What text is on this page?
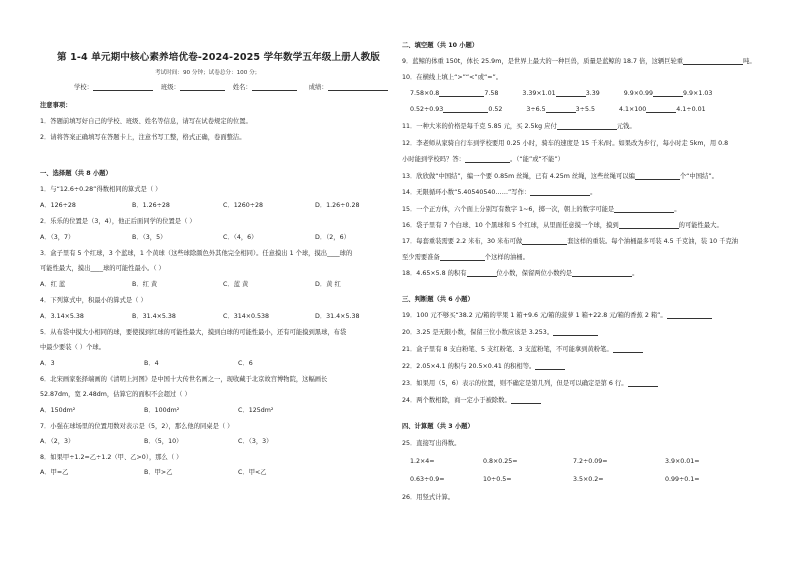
第 1-4 单元期中核心素养培优卷-2024-2025 学年数学五年级上册人教版
考试时间：90 分钟；试卷总分：100 分；
学校：	班级：	姓名：	成绩：
注意事项：
1．答题前填写好自己的学校、班级、姓名等信息，请写在试卷规定的位置。
2．请将答案正确填写在答题卡上，注意书写工整，格式正确，卷面整洁。
一、选择题（共 8 小题）
1．与“12.6÷0.28”得数相同的算式是（ ）
A．126÷28	B．1.26÷28	C．1260÷28	D．1.26÷0.28
2．乐乐的位置是（3，4），他正后面同学的位置是（ ）
A．（3，7）	B．（3，5）	C．（4，6）	D．（2，6）
3．盒子里有 5 个红球，3 个蓝球，1 个黄球（这些球除颜色外其他完全相同）。任意摸出 1 个球，摸出____球的
可能性最大，摸出____球的可能性最小。（ ）
A．红 蓝	B．红 黄	C．蓝 黄	D．黄 红
4．下列算式中，积最小的算式是（ ）
A．3.14×5.38	B．31.4×5.38	C．314×0.538	D．31.4×5.38
5．从布袋中摸大小相同的球，要使摸到红球的可能性最大，摸到白球的可能性最小，还有可能摸到黑球，布袋
中最少要装（ ）个球。
A．3	B．4	C．6
6．北宋画家张择端画的《清明上河图》是中国十大传世名画之一，现收藏于北京故宫博物院，这幅画长
52.87dm，宽 2.48dm，估算它的面积不会超过（ ）
A．150dm²	B．100dm²	C．125dm²
7．小强在球场里的位置用数对表示是（5，2），那么他的同桌是（ ）
A．（2，3）	B．（5，10）	C．（3，3）
8．如果甲÷1.2=乙÷1.2（甲、乙>0），那么（ ）
A．甲=乙	B．甲>乙	C．甲<乙
二、填空题（共 10 小题）
9．蓝鲸的体重 150t，体长 25.9m，是世界上最大的一种巨兽，质量是蓝鲸的 18.7 倍，这辆巨轮重	吨。
10．在横线上填上“>”“<”或“=”。
7.58×0.8	7.58	3.39×1.01	3.39	9.9×0.99	9.9×1.03
0.52÷0.93	0.52	3÷6.5	3÷5.5	4.1×100	4.1÷0.01
11．一种大米的价格是每千克 5.85 元，买 2.5kg 应付	元钱。
12．李老师从家骑自行车到学校要用 0.25 小时，骑车的速度是 15 千米/时。如果改为步行，每小时走 5km，用 0.8
小时能到学校吗？答：	。（“能”或“不能”）
13．欣欣做“中国结”，编一个要 0.85m 丝绳，已有 4.25m 丝绳，这些丝绳可以编	个“中国结”。
14．无限循环小数“5.40540540……”写作：	。
15．一个正方体，六个面上分别写有数字 1~6，掷一次，朝上的数字可能是	。
16．袋子里有 7 个白球、10 个黑球和 5 个红球，从里面任意摸一个球，摸到	的可能性最大。
17．每套重装需要 2.2 米布，30 米布可做	套这样的重装。每个油桶最多可装 4.5 千克油，装 10 千克油
至少需要准备	个这样的油桶。
18．4.65×5.8 的积有	位小数，保留两位小数约是	。
三、判断题（共 6 小题）
19．100 元不够买“38.2 元/箱的苹果 1 箱+9.6 元/箱的菠萝 1 箱+22.8 元/箱的香蕉 2 箱”。
20．3.25 是无限小数，保留三位小数应该是 3.253。
21．盒子里有 8 支白粉笔、5 支红粉笔、3 支蓝粉笔，不可能拿到黄粉笔。
22．2.05×4.1 的积与 20.5×0.41 的积相等。
23．如果用（5，6）表示的位置，则不确定是第几列，但是可以确定是第 6 行。
24．两个数相除，商一定小于被除数。
四、计算题（共 3 小题）
25．直接写出得数。
1.2×4=	0.8×0.25=	7.2÷0.09=	3.9×0.01=
0.63÷0.9=	10÷0.5=	3.5×0.2=	0.99÷0.1=
26．用竖式计算。
